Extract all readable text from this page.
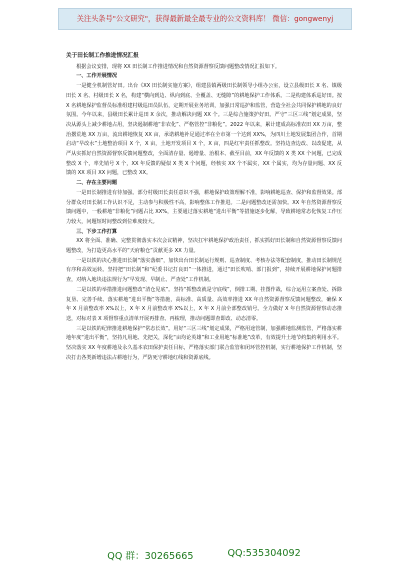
关注头条号"公文研究"，获得最新最全最专业的公文资料库！ 微信：gongwenyj
关于田长制工作推进情况汇报

根据会议安排，现将 XX 田长制工作推进情况和自然资源督察反馈问题整改情况汇报如下。

一、工作开展情况

一是健全机制管好田。出台《XX 田长制实施方案》，组建县镇两级田长制领导小组办公室，设立县级田长 X 名、镇级田长 X 名、村级田长 X 名，构建“横向到边、纵向到底、全覆盖、无缝隙”的耕地保护工作体系。二是构建体系巡好田。按 X 名耕地保护监督员标准组建村级巡田员队伍，定期开展业务培训，加强日常巡护和监管，营造全社会共同保护耕地的良好氛围。今年以来，县级田长累计巡田 X 余次，推动解决问题 XX 个。三是综合施策护好田。严守“三区三线”划定成果，坚决从源头上减少耕地占用，坚决遏制耕地“非农化”、严格管控“非粮化”。2022 年以来，累计建成高标准农田 XX 万亩，整治撂荒地 XX 万亩，流出耕地恢复 XX 亩，承诺耕地补足通过率在全市第一个达到 XX%，为四川土地发展集团合作，首期启动“早改水”土地整治项目 X 个，X 亩，土地开发项目 X 个，X 亩，四是红牢责任抓整改。坚持边查边改、以改促建，从严从实抓好自然资源督察反馈问题整改，全面清存量、遏增量、治根本、截至目前，XX 年反馈的 X 类 XX 个问题，已完成整改 X 个，率先销号 X 个，XX 年反馈的疑似 X 类 X 个问题，经核实 XX 个不属实，XX 个属实，均为存量问题、XX 反馈的 XX 项目 XX 问题，已整改 XX。

二、存在主要问题

一是田长制推进有待加强。部分村级田长责任意识不强，耕地保护政策理解不准，影响耕地巡查、保护和监督效果。部分群众对田长制工作认识不足，主动参与积极性不高，影响整体工作推进。二是问题整改还需加快。XX 年自然资源督察反馈问题中，一般耕地“非粮化”问题占比 XX%，主要通过落实耕地“进出平衡”等措施逐步化解，导致耕地常态化恢复工作压力较大，问题短时间整改到位难度较大。

三、下步工作打算

XX 将全面、准确、完整贯彻落实本次会议精神，坚决扛牢耕地保护政治责任，抓实抓好田长制和自然资源督察反馈问题整改，为打造更高水平的“天府粮仓”贡献更多 XX 力量。

一是以铁的决心推进田长制“落实落细”，加快出台田长制运行规则、巡查制度、考核办法等配套制度，推动田长制规范有序和高效运转。坚持把“田长制”和“纪委书记打良田”一体推进，通过“田长吹哨、部门报到”，持续开展耕地保护问题排查，对纳入地块违法规行为“早发现、早制止、严查处”工作机制。

二是以铁的举措推进问题整改“清仓见底”。坚持“抓整改就是守底线”，倒排工期、挂图作战，综合运用立案查处、拆除复垦、完善手续、落实耕地“进出平衡”等措施，高标准、高质量、高效率推进 XX 年自然资源督察反馈问题整改，确保 X 年 X 月前整改率 X%以上，X 年 X 月前整改率 X%以上，X 年 X 月前全部整改销号。全力做好 X 年自然资源督察动态推送，对标对表 X 项督察重点清单开展再排查、再梳理，推动问题即查即改、动态清零。

三是以铁的纪律推进耕地保护“常态长效”。用好“三区三线”划定成果，严格用途管制，加强耕地监测监管，严格落实耕地年度“进出平衡”，坚持凡用地、先把关，深化“亩均论英雄”和工业用地“标准地”改革，有效提升土地节约集约利用水平。坚决落实 XX 年度耕地及永久基本农田保护责任目标，严格落实部门联合监管和闭环管控机制，实行耕地保护工作机制，坚决打击各类新增违法占耕地行为，严防死守耕地红线和资源底线。

QQ 群：30265665	QQ:535304092
